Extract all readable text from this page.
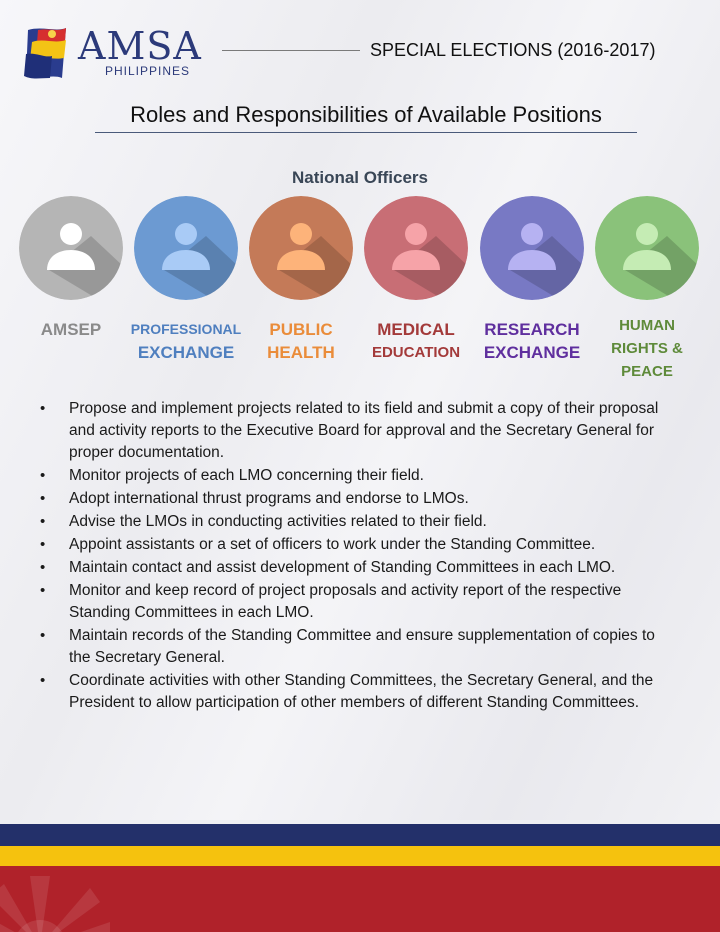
AMSA
PHILIPPINES
SPECIAL ELECTIONS (2016-2017)
Roles and Responsibilities of Available Positions
National Officers
AMSEP	PROFESSIONAL
EXCHANGE
PUBLIC
HEALTH
MEDICAL
EDUCATION
RESEARCH
EXCHANGE
HUMAN
RIGHTS &
PEACE
• Propose and implement projects related to its field and submit a copy of their proposal and activity reports to the Executive Board for approval and the Secretary General for proper documentation.
• Monitor projects of each LMO concerning their field.
• Adopt international thrust programs and endorse to LMOs.
• Advise the LMOs in conducting activities related to their field.
• Appoint assistants or a set of officers to work under the Standing Committee.
• Maintain contact and assist development of Standing Committees in each LMO.
• Monitor and keep record of project proposals and activity report of the respective Standing Committees in each LMO.
• Maintain records of the Standing Committee and ensure supplementation of copies to the Secretary General.
• Coordinate activities with other Standing Committees, the Secretary General, and the President to allow participation of other members of different Standing Committees.
